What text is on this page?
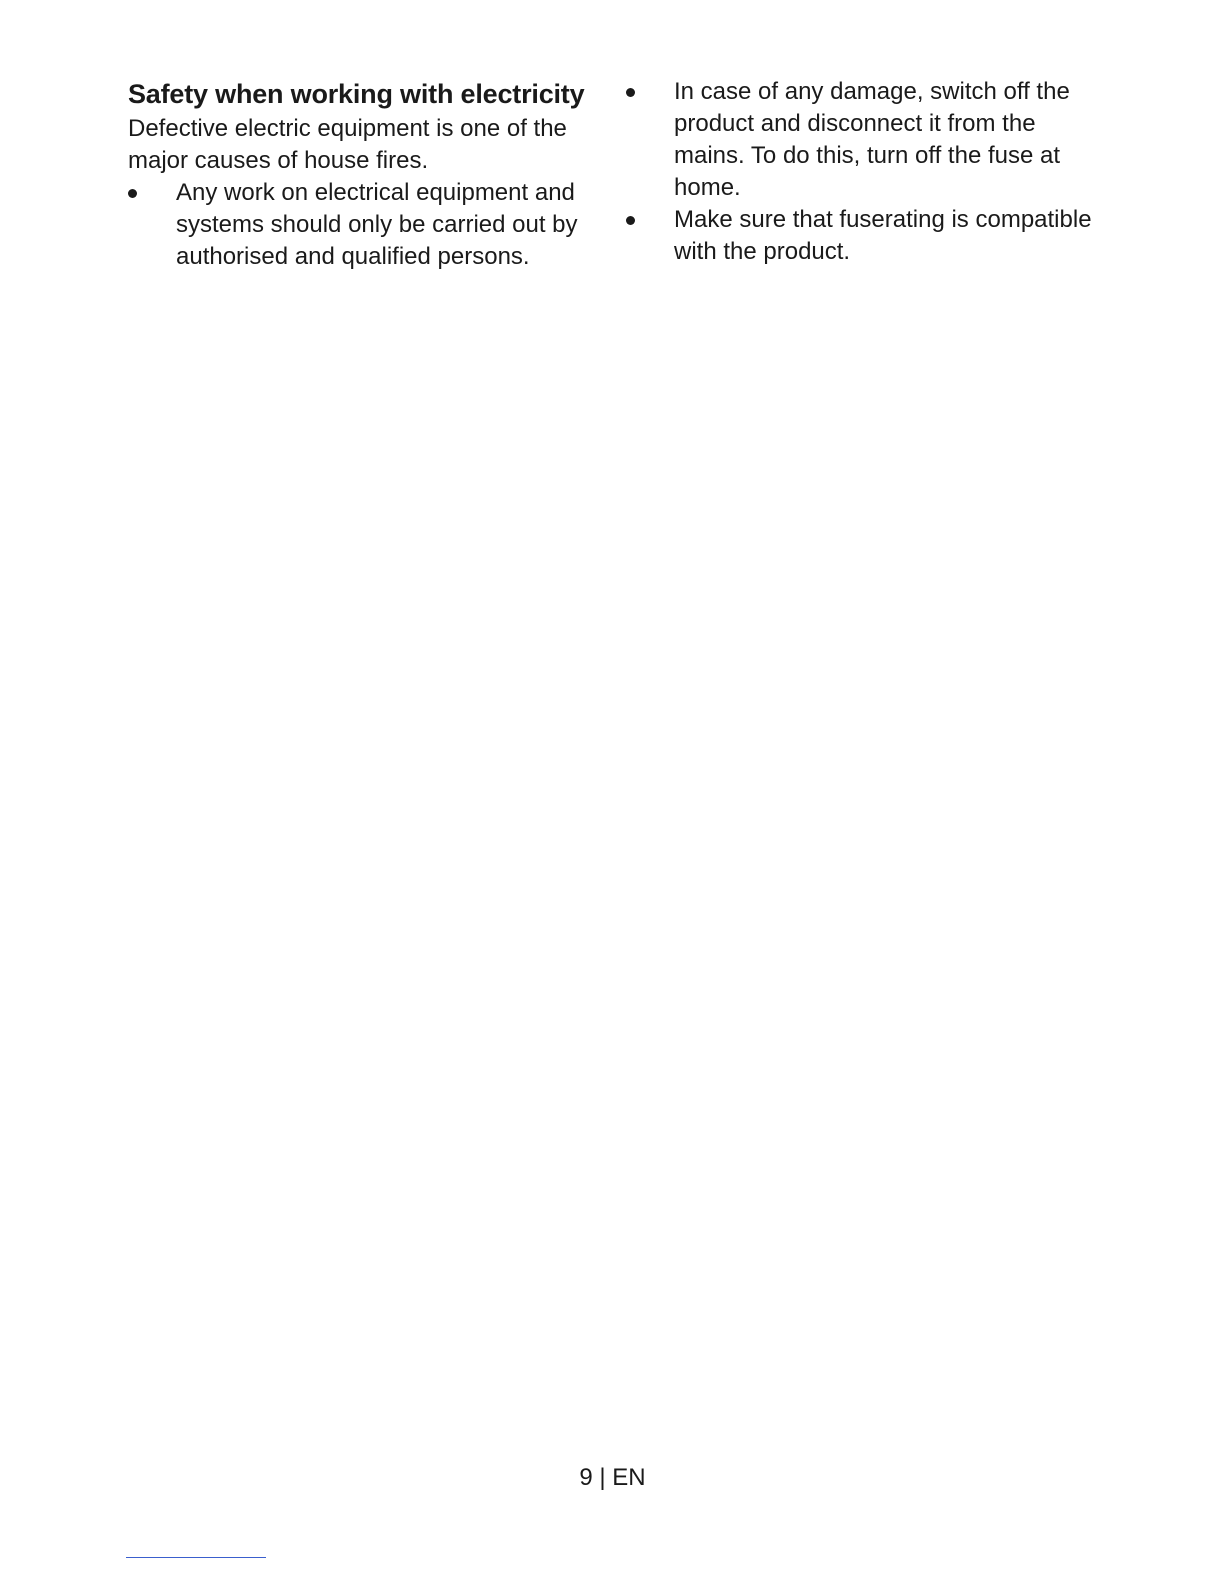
Safety when working with electricity

Defective electric equipment is one of the major causes of house fires.

Any work on electrical equipment and systems should only be carried out by authorised and qualified persons.
In case of any damage, switch off the product and disconnect it from the mains. To do this, turn off the fuse at home.
Make sure that fuserating is compatible with the product.
9 | EN
